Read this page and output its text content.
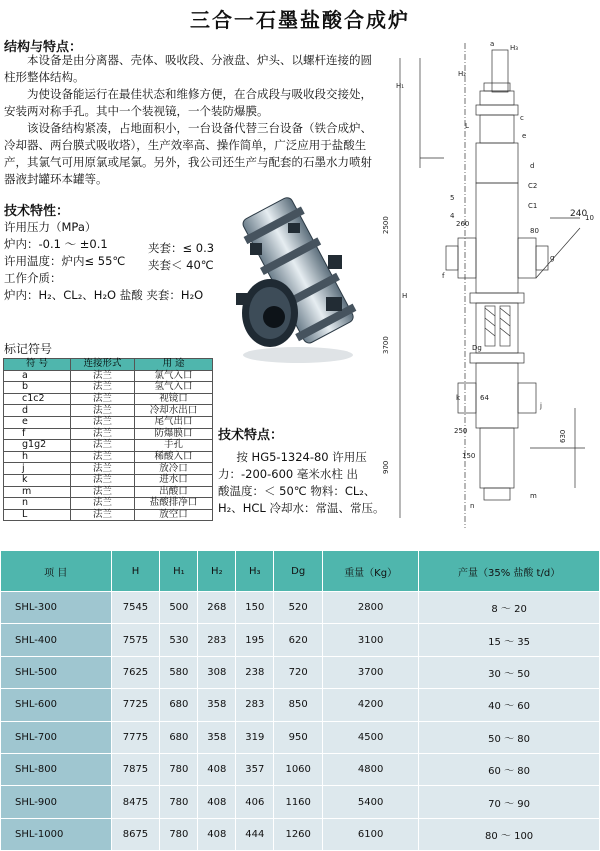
三合一石墨盐酸合成炉
结构与特点：

本设备是由分离器、壳体、吸收段、分液盘、炉头、以螺杆连接的圆柱形整体结构。

为使设备能运行在最佳状态和维修方便，在合成段与吸收段交接处，安装两对称手孔。其中一个装视镜，一个装防爆膜。

该设备结构紧凑，占地面积小，一台设备代替三台设备（铁合成炉、冷却器、两台膜式吸收塔），生产效率高、操作简单，广泛应用于盐酸生产，其氯气可用原氯或尾氯。另外，我公司还生产与配套的石墨水力喷射器液封罐环本罐等。

技术特性：
许用压力（MPa）
炉内：-0.1 ～ ±0.1
许用温度：炉内≤ 55℃
工作介质：
炉内：H₂、CL₂、H₂O 盐酸 夹套：H₂O
夹套：≤ 0.3
夹套＜ 40℃
标记符号
符 号	连接形式	用 途
a	法兰	氯气入口
b	法兰	氢气入口
c1c2	法兰	视镜口
d	法兰	冷却水出口
e	法兰	尾气出口
f	法兰	防爆膜口
g1g2	法兰	手孔
h	法兰	稀酸入口
j	法兰	放冷口
k	法兰	进水口
m	法兰	出酸口
n	法兰	盐酸排净口
L	法兰	放空口
技术特点：
按 HG5-1324-80 许用压
力：-200-600 毫米水柱 出
酸温度：＜ 50℃ 物料：CL₂、
H₂、HCL 冷却水：常温、常压。
a H₃
H₂
H₁
240
10
Dg
2500
3700
900
H
630
250
150
260
80
c
d
e
f
g
j
k
m
n
L
5
4
C2
C1
64
项 目	H	H₁	H₂	H₃	Dg	重量（Kg）	产量（35% 盐酸 t/d）
SHL-300	7545	500	268	150	520	2800	8 ～ 20
SHL-400	7575	530	283	195	620	3100	15 ～ 35
SHL-500	7625	580	308	238	720	3700	30 ～ 50
SHL-600	7725	680	358	283	850	4200	40 ～ 60
SHL-700	7775	680	358	319	950	4500	50 ～ 80
SHL-800	7875	780	408	357	1060	4800	60 ～ 80
SHL-900	8475	780	408	406	1160	5400	70 ～ 90
SHL-1000	8675	780	408	444	1260	6100	80 ～ 100
